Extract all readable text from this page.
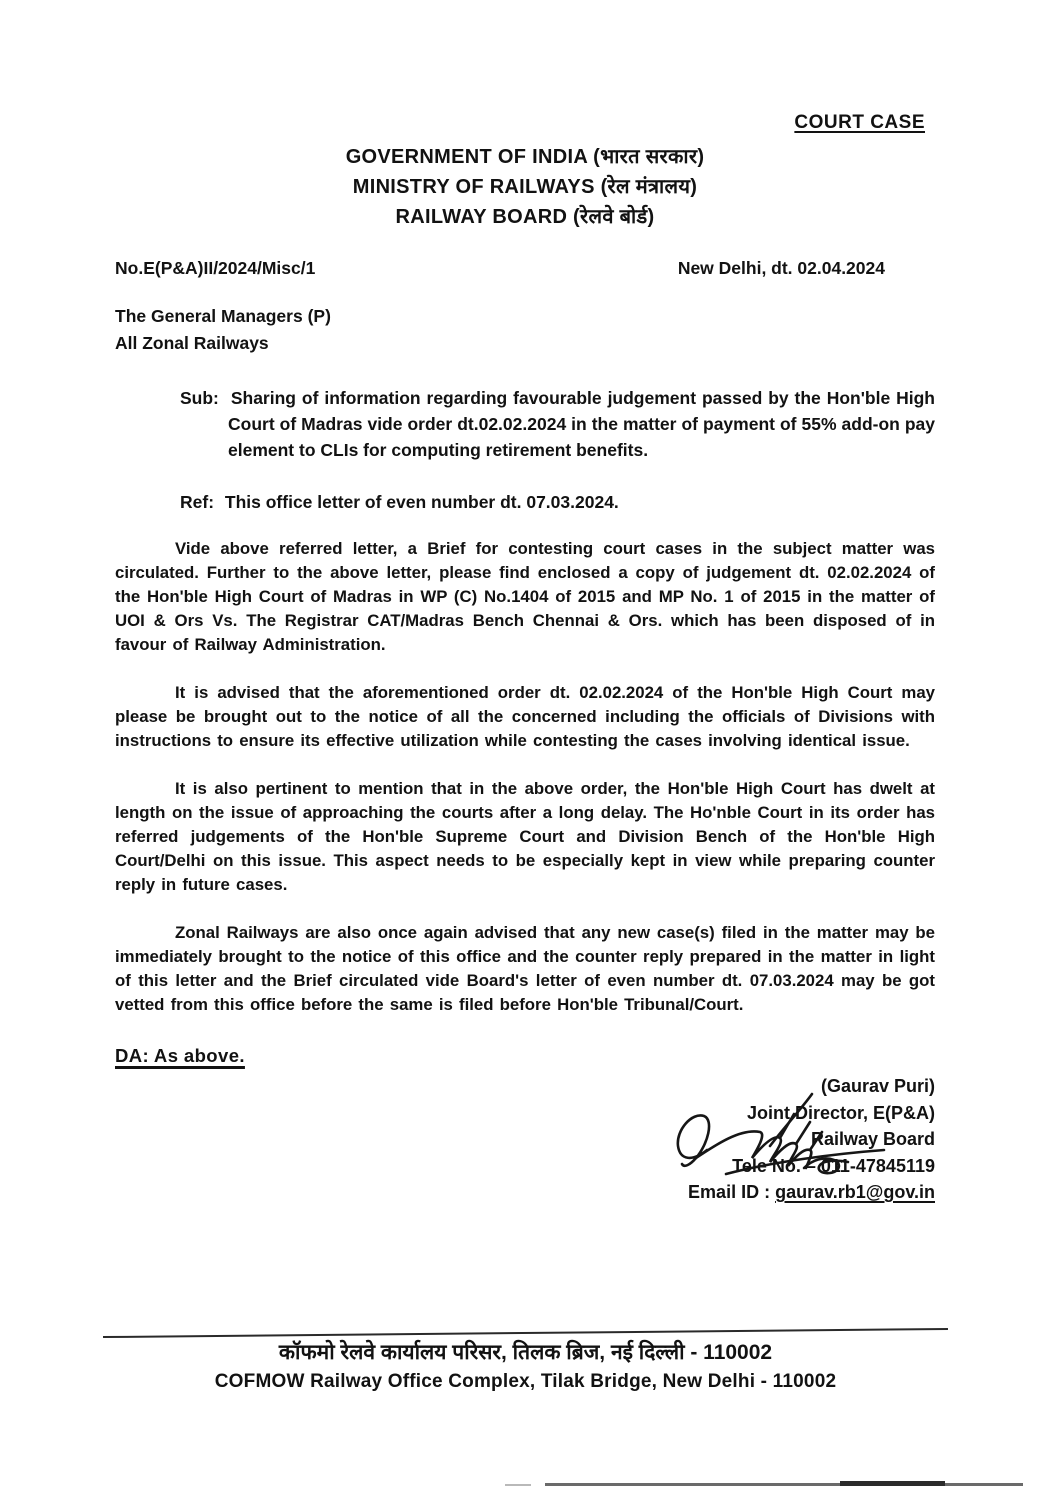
COURT CASE
GOVERNMENT OF INDIA (भारत सरकार)
MINISTRY OF RAILWAYS (रेल मंत्रालय)
RAILWAY BOARD (रेलवे बोर्ड)
No.E(P&A)II/2024/Misc/1	New Delhi, dt. 02.04.2024
The General Managers (P)
All Zonal Railways
Sub: Sharing of information regarding favourable judgement passed by the Hon'ble High Court of Madras vide order dt.02.02.2024 in the matter of payment of 55% add-on pay element to CLIs for computing retirement benefits.
Ref: This office letter of even number dt. 07.03.2024.

Vide above referred letter, a Brief for contesting court cases in the subject matter was circulated. Further to the above letter, please find enclosed a copy of judgement dt. 02.02.2024 of the Hon'ble High Court of Madras in WP (C) No.1404 of 2015 and MP No. 1 of 2015 in the matter of UOI & Ors Vs. The Registrar CAT/Madras Bench Chennai & Ors. which has been disposed of in favour of Railway Administration.

It is advised that the aforementioned order dt. 02.02.2024 of the Hon'ble High Court may please be brought out to the notice of all the concerned including the officials of Divisions with instructions to ensure its effective utilization while contesting the cases involving identical issue.

It is also pertinent to mention that in the above order, the Hon'ble High Court has dwelt at length on the issue of approaching the courts after a long delay. The Ho'nble Court in its order has referred judgements of the Hon'ble Supreme Court and Division Bench of the Hon'ble High Court/Delhi on this issue. This aspect needs to be especially kept in view while preparing counter reply in future cases.

Zonal Railways are also once again advised that any new case(s) filed in the matter may be immediately brought to the notice of this office and the counter reply prepared in the matter in light of this letter and the Brief circulated vide Board's letter of even number dt. 07.03.2024 may be got vetted from this office before the same is filed before Hon'ble Tribunal/Court.

DA: As above.
(Gaurav Puri)
Joint Director, E(P&A)
Railway Board
Tele No. – 011-47845119
Email ID : gaurav.rb1@gov.in
कॉफमो रेलवे कार्यालय परिसर, तिलक ब्रिज, नई दिल्ली - 110002
COFMOW Railway Office Complex, Tilak Bridge, New Delhi - 110002
